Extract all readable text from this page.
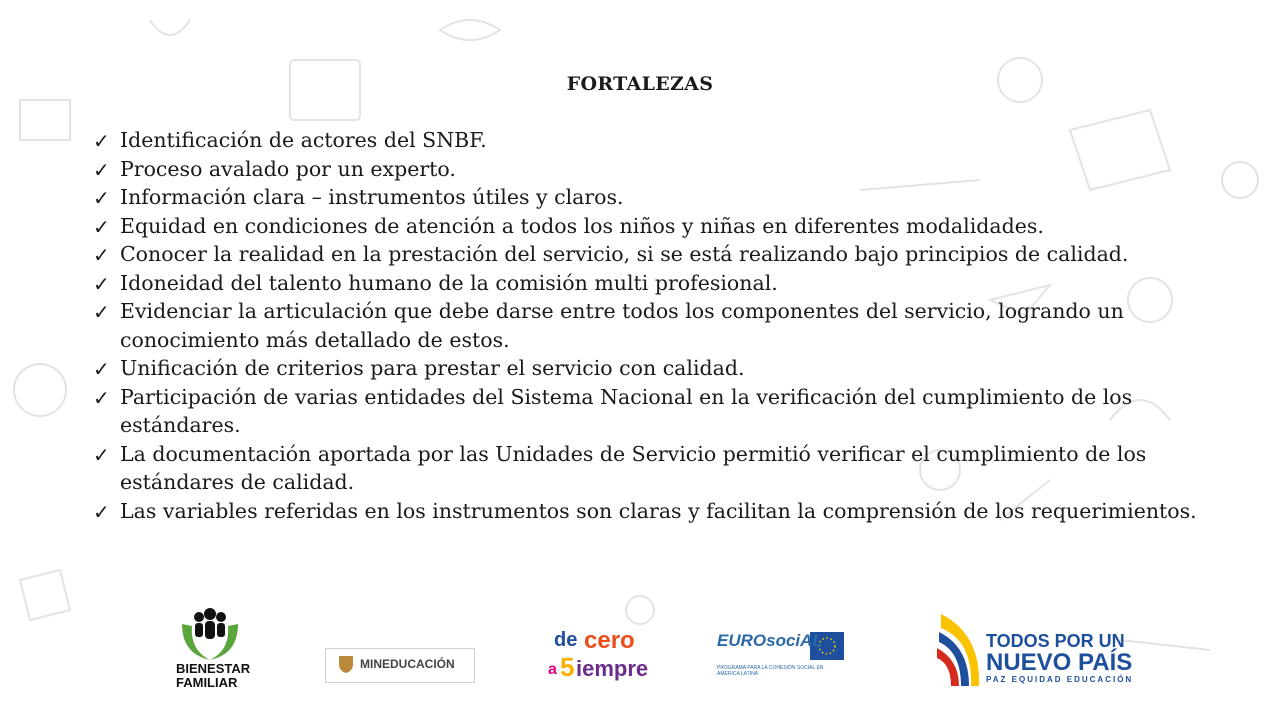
FORTALEZAS
✓ Identificación de actores del SNBF.
✓ Proceso avalado por un experto.
✓ Información clara – instrumentos útiles y claros.
✓ Equidad en condiciones de atención a todos los niños y niñas en diferentes modalidades.
✓ Conocer la realidad en la prestación del servicio, si se está realizando bajo principios de calidad.
✓ Idoneidad del talento humano de la comisión multi profesional.
✓ Evidenciar la articulación que debe darse entre todos los componentes del servicio, logrando un conocimiento más detallado de estos.
✓ Unificación de criterios para prestar el servicio con calidad.
✓ Participación de varias entidades del Sistema Nacional en la verificación del cumplimiento de los estándares.
✓ La documentación aportada por las Unidades de Servicio permitió verificar el cumplimiento de los estándares de calidad.
✓ Las variables referidas en los instrumentos son claras y facilitan la comprensión de los requerimientos.
BIENESTAR
FAMILIAR
MINEDUCACIÓN
de cero
a 5 iempre
EUROsociAL
PROGRAMA PARA LA COHESIÓN SOCIAL EN AMÉRICA LATINA
TODOS POR UN
NUEVO PAÍS
PAZ EQUIDAD EDUCACIÓN
